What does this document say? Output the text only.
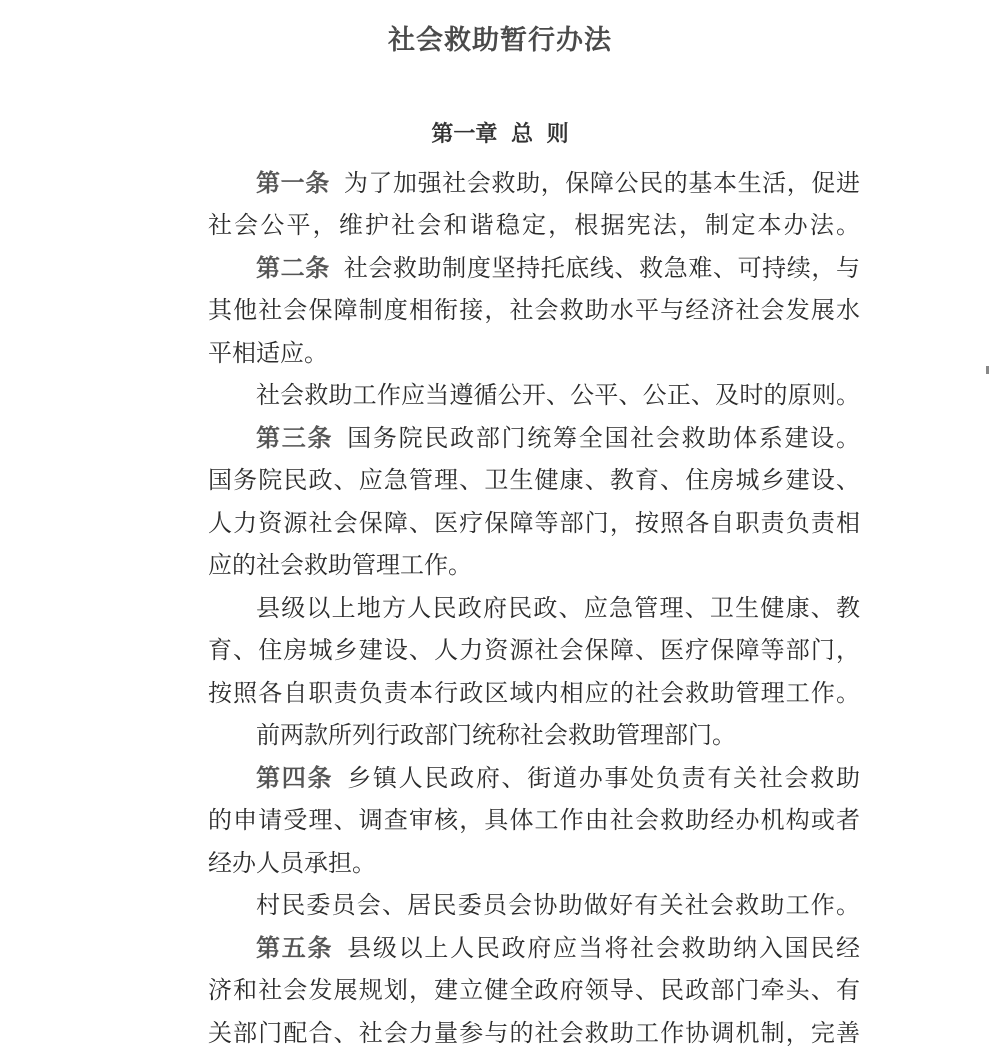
社会救助暂行办法
第一章 总 则
第一条 为了加强社会救助，保障公民的基本生活，促进
社会公平，维护社会和谐稳定，根据宪法，制定本办法。
第二条 社会救助制度坚持托底线、救急难、可持续，与
其他社会保障制度相衔接，社会救助水平与经济社会发展水
平相适应。
社会救助工作应当遵循公开、公平、公正、及时的原则。
第三条 国务院民政部门统筹全国社会救助体系建设。
国务院民政、应急管理、卫生健康、教育、住房城乡建设、
人力资源社会保障、医疗保障等部门，按照各自职责负责相
应的社会救助管理工作。
县级以上地方人民政府民政、应急管理、卫生健康、教
育、住房城乡建设、人力资源社会保障、医疗保障等部门，
按照各自职责负责本行政区域内相应的社会救助管理工作。
前两款所列行政部门统称社会救助管理部门。
第四条 乡镇人民政府、街道办事处负责有关社会救助
的申请受理、调查审核，具体工作由社会救助经办机构或者
经办人员承担。
村民委员会、居民委员会协助做好有关社会救助工作。
第五条 县级以上人民政府应当将社会救助纳入国民经
济和社会发展规划，建立健全政府领导、民政部门牵头、有
关部门配合、社会力量参与的社会救助工作协调机制，完善
